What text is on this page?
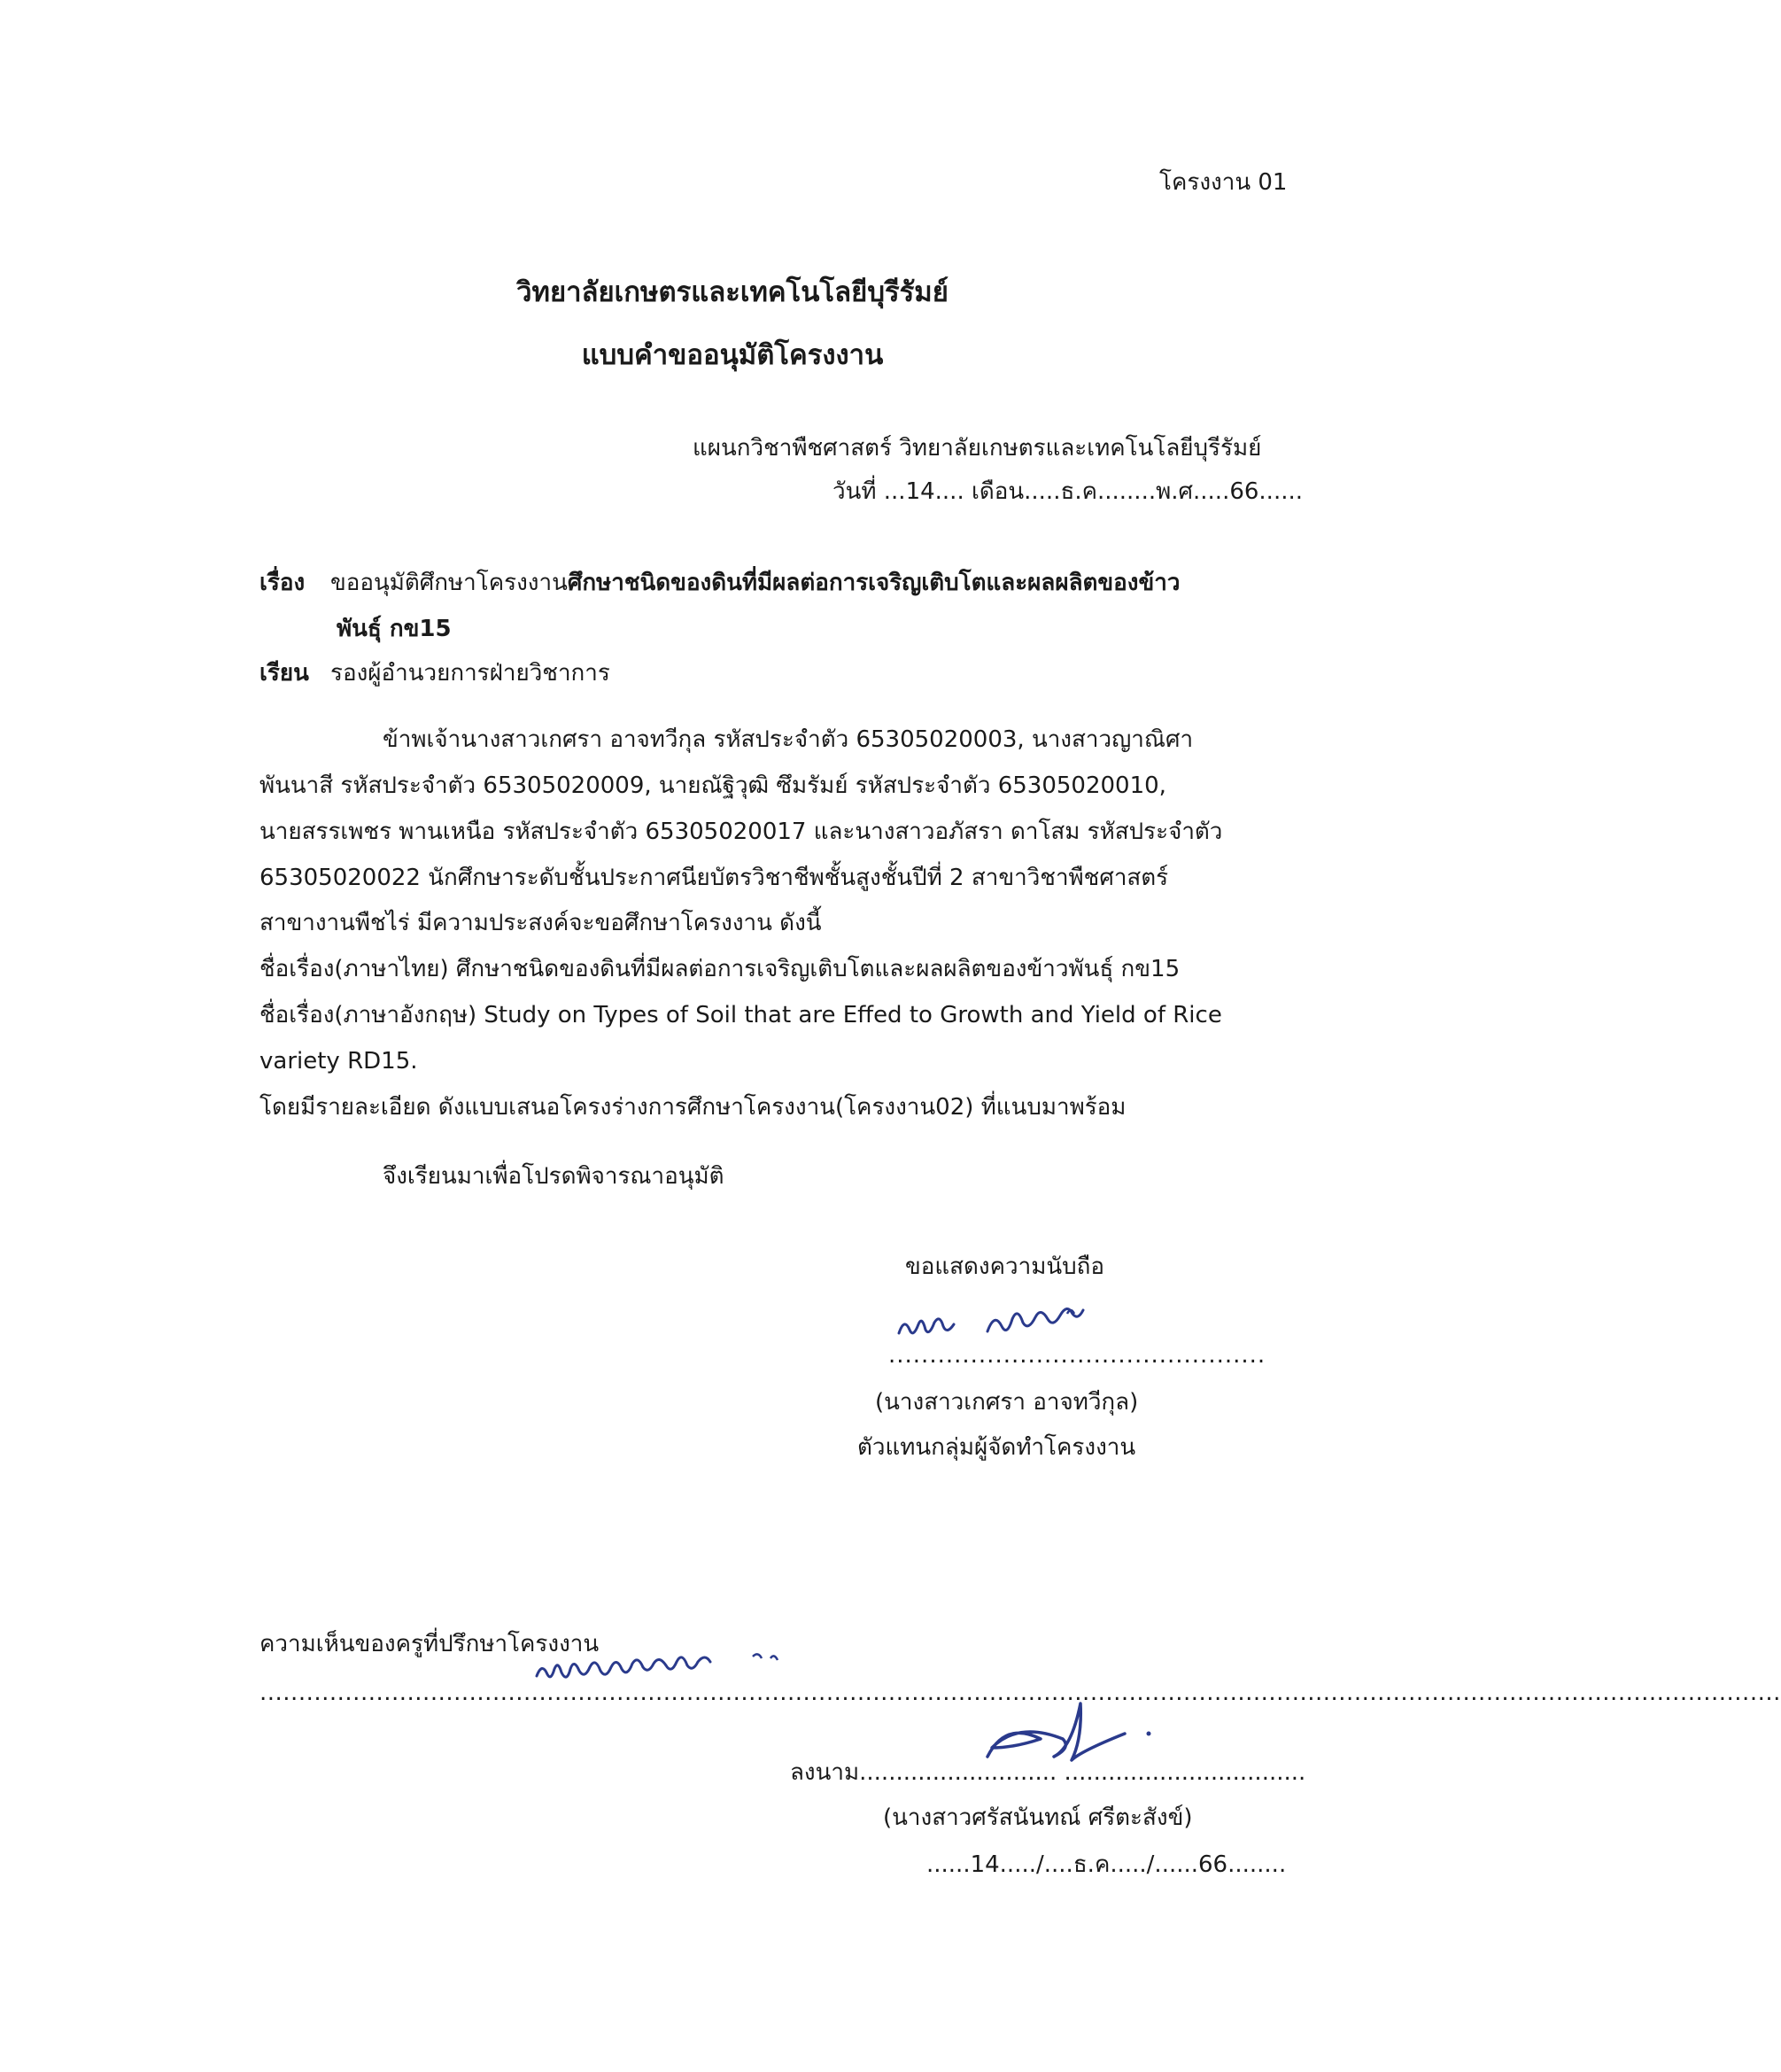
โครงงาน 01
วิทยาลัยเกษตรและเทคโนโลยีบุรีรัมย์
แบบคำขออนุมัติโครงงาน
แผนกวิชาพืชศาสตร์ วิทยาลัยเกษตรและเทคโนโลยีบุรีรัมย์
วันที่ ...14.... เดือน.....ธ.ค........พ.ศ.....66......
เรื่อง ขออนุมัติศึกษาโครงงานศึกษาชนิดของดินที่มีผลต่อการเจริญเติบโตและผลผลิตของข้าว
พันธุ์ กข15
เรียน รองผู้อำนวยการฝ่ายวิชาการ
ข้าพเจ้านางสาวเกศรา อาจทวีกุล รหัสประจำตัว 65305020003, นางสาวญาณิศา
พันนาสี รหัสประจำตัว 65305020009, นายณัฐิวุฒิ ซึมรัมย์ รหัสประจำตัว 65305020010,
นายสรรเพชร พานเหนือ รหัสประจำตัว 65305020017 และนางสาวอภัสรา ดาโสม รหัสประจำตัว
65305020022 นักศึกษาระดับชั้นประกาศนียบัตรวิชาชีพชั้นสูงชั้นปีที่ 2 สาขาวิชาพืชศาสตร์
สาขางานพืชไร่ มีความประสงค์จะขอศึกษาโครงงาน ดังนี้
ชื่อเรื่อง(ภาษาไทย) ศึกษาชนิดของดินที่มีผลต่อการเจริญเติบโตและผลผลิตของข้าวพันธุ์ กข15
ชื่อเรื่อง(ภาษาอังกฤษ) Study on Types of Soil that are Effed to Growth and Yield of Rice
variety RD15.
โดยมีรายละเอียด ดังแบบเสนอโครงร่างการศึกษาโครงงาน(โครงงาน02) ที่แนบมาพร้อม
จึงเรียนมาเพื่อโปรดพิจารณาอนุมัติ
ขอแสดงความนับถือ
..............................................
(นางสาวเกศรา อาจทวีกุล)
ตัวแทนกลุ่มผู้จัดทำโครงงาน
ความเห็นของครูที่ปรึกษาโครงงาน
....................................................................................................................................................................................................
ลงนาม........................... .................................
(นางสาวศรัสนันทณ์ ศรีตะสังข์)
......14...../....ธ.ค...../......66........
